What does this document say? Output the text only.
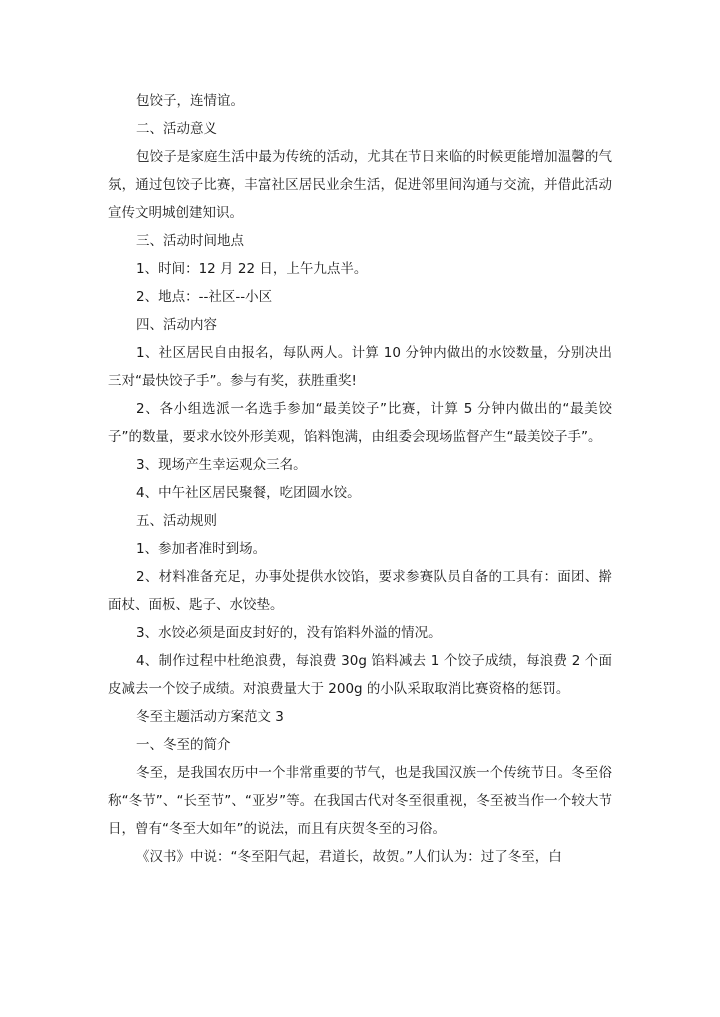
包饺子，连情谊。

二、活动意义

包饺子是家庭生活中最为传统的活动，尤其在节日来临的时候更能增加温馨的气氛，通过包饺子比赛，丰富社区居民业余生活，促进邻里间沟通与交流，并借此活动宣传文明城创建知识。

三、活动时间地点

1、时间：12 月 22 日，上午九点半。

2、地点：--社区--小区

四、活动内容

1、社区居民自由报名，每队两人。计算 10 分钟内做出的水饺数量，分别决出三对“最快饺子手”。参与有奖，获胜重奖!

2、各小组选派一名选手参加“最美饺子”比赛，计算 5 分钟内做出的“最美饺子”的数量，要求水饺外形美观，馅料饱满，由组委会现场监督产生“最美饺子手”。

3、现场产生幸运观众三名。

4、中午社区居民聚餐，吃团圆水饺。

五、活动规则

1、参加者准时到场。

2、材料准备充足，办事处提供水饺馅，要求参赛队员自备的工具有：面团、擀面杖、面板、匙子、水饺垫。

3、水饺必须是面皮封好的，没有馅料外溢的情况。

4、制作过程中杜绝浪费，每浪费 30g 馅料减去 1 个饺子成绩，每浪费 2 个面皮减去一个饺子成绩。对浪费量大于 200g 的小队采取取消比赛资格的惩罚。

冬至主题活动方案范文 3

一、冬至的简介

冬至，是我国农历中一个非常重要的节气，也是我国汉族一个传统节日。冬至俗称“冬节”、“长至节”、“亚岁”等。在我国古代对冬至很重视，冬至被当作一个较大节日，曾有“冬至大如年”的说法，而且有庆贺冬至的习俗。

《汉书》中说：“冬至阳气起，君道长，故贺。”人们认为：过了冬至，白
